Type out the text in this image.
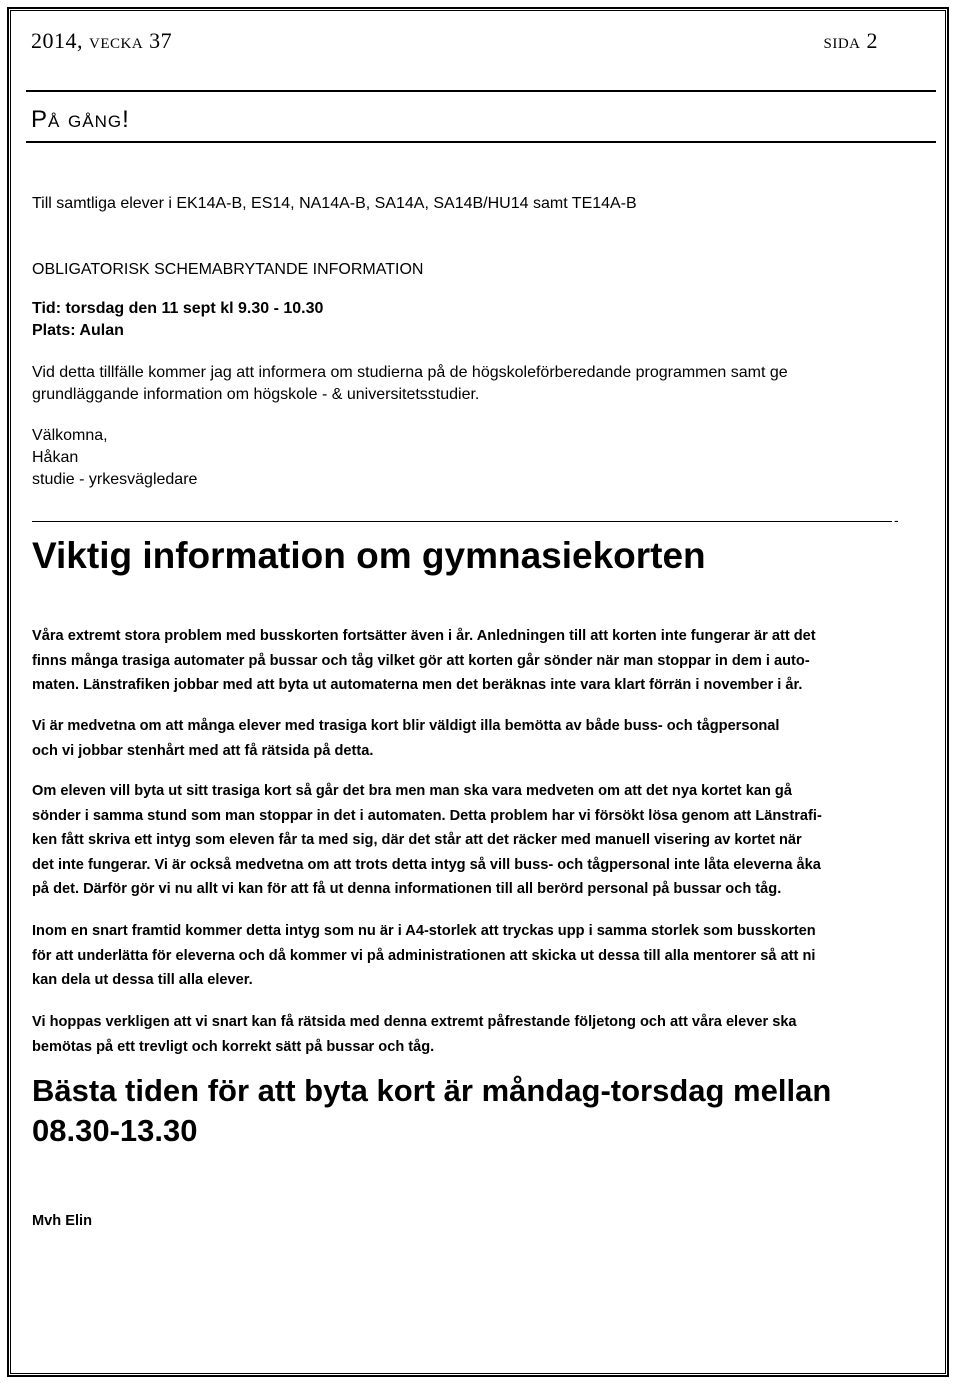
2014, vecka 37	sida 2
På gång!
Till samtliga elever i EK14A-B, ES14, NA14A-B, SA14A, SA14B/HU14 samt TE14A-B
OBLIGATORISK SCHEMABRYTANDE INFORMATION
Tid: torsdag den 11 sept kl 9.30 - 10.30
Plats: Aulan
Vid detta tillfälle kommer jag att informera om studierna på de högskoleförberedande programmen samt ge
grundläggande information om högskole - & universitetsstudier.
Välkomna,
Håkan
studie - yrkesvägledare
-
Viktig information om gymnasiekorten
Våra extremt stora problem med busskorten fortsätter även i år. Anledningen till att korten inte fungerar är att det
finns många trasiga automater på bussar och tåg vilket gör att korten går sönder när man stoppar in dem i auto-
maten. Länstrafiken jobbar med att byta ut automaterna men det beräknas inte vara klart förrän i november i år.
Vi är medvetna om att många elever med trasiga kort blir väldigt illa bemötta av både buss- och tågpersonal
och vi jobbar stenhårt med att få rätsida på detta.
Om eleven vill byta ut sitt trasiga kort så går det bra men man ska vara medveten om att det nya kortet kan gå
sönder i samma stund som man stoppar in det i automaten. Detta problem har vi försökt lösa genom att Länstrafi-
ken fått skriva ett intyg som eleven får ta med sig, där det står att det räcker med manuell visering av kortet när
det inte fungerar. Vi är också medvetna om att trots detta intyg så vill buss- och tågpersonal inte låta eleverna åka
på det. Därför gör vi nu allt vi kan för att få ut denna informationen till all berörd personal på bussar och tåg.
Inom en snart framtid kommer detta intyg som nu är i A4-storlek att tryckas upp i samma storlek som busskorten
för att underlätta för eleverna och då kommer vi på administrationen att skicka ut dessa till alla mentorer så att ni
kan dela ut dessa till alla elever.
Vi hoppas verkligen att vi snart kan få rätsida med denna extremt påfrestande följetong och att våra elever ska
bemötas på ett trevligt och korrekt sätt på bussar och tåg.
Bästa tiden för att byta kort är måndag-torsdag mellan
08.30-13.30
Mvh Elin
